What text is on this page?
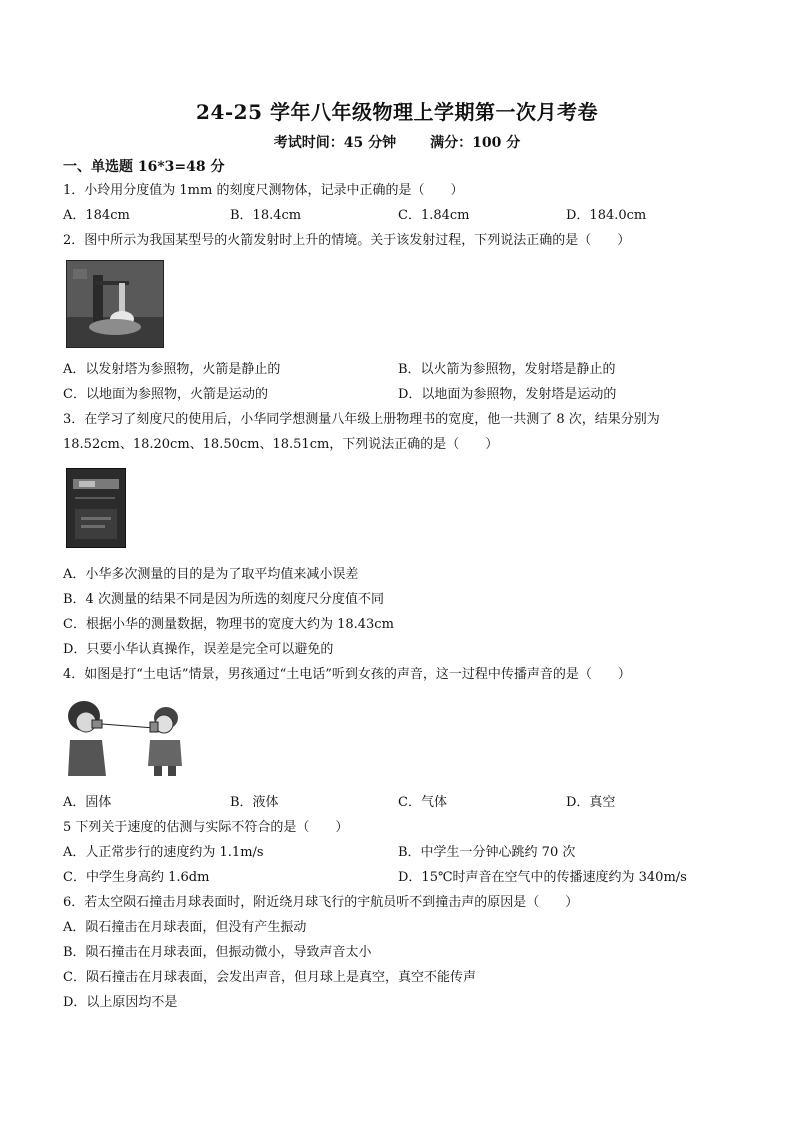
24-25 学年八年级物理上学期第一次月考卷
考试时间：45 分钟 满分：100 分
一、单选题 16*3=48 分
1．小玲用分度值为 1mm 的刻度尺测物体，记录中正确的是（　　）
A．184cm	B．18.4cm	C．1.84cm	D．184.0cm
2．图中所示为我国某型号的火箭发射时上升的情境。关于该发射过程，下列说法正确的是（　　）
A．以发射塔为参照物，火箭是静止的	B．以火箭为参照物，发射塔是静止的
C．以地面为参照物，火箭是运动的	D．以地面为参照物，发射塔是运动的
3．在学习了刻度尺的使用后，小华同学想测量八年级上册物理书的宽度，他一共测了 8 次，结果分别为
18.52cm、18.20cm、18.50cm、18.51cm，下列说法正确的是（　　）
A．小华多次测量的目的是为了取平均值来减小误差
B．4 次测量的结果不同是因为所选的刻度尺分度值不同
C．根据小华的测量数据，物理书的宽度大约为 18.43cm
D．只要小华认真操作，误差是完全可以避免的
4．如图是打“土电话”情景，男孩通过“土电话”听到女孩的声音，这一过程中传播声音的是（　　）
A．固体	B．液体	C．气体	D．真空
5 下列关于速度的估测与实际不符合的是（　　）
A．人正常步行的速度约为 1.1m/s	B．中学生一分钟心跳约 70 次
C．中学生身高约 1.6dm	D．15℃时声音在空气中的传播速度约为 340m/s
6．若太空陨石撞击月球表面时，附近绕月球飞行的宇航员听不到撞击声的原因是（　　）
A．陨石撞击在月球表面，但没有产生振动
B．陨石撞击在月球表面，但振动微小，导致声音太小
C．陨石撞击在月球表面，会发出声音，但月球上是真空，真空不能传声
D．以上原因均不是
